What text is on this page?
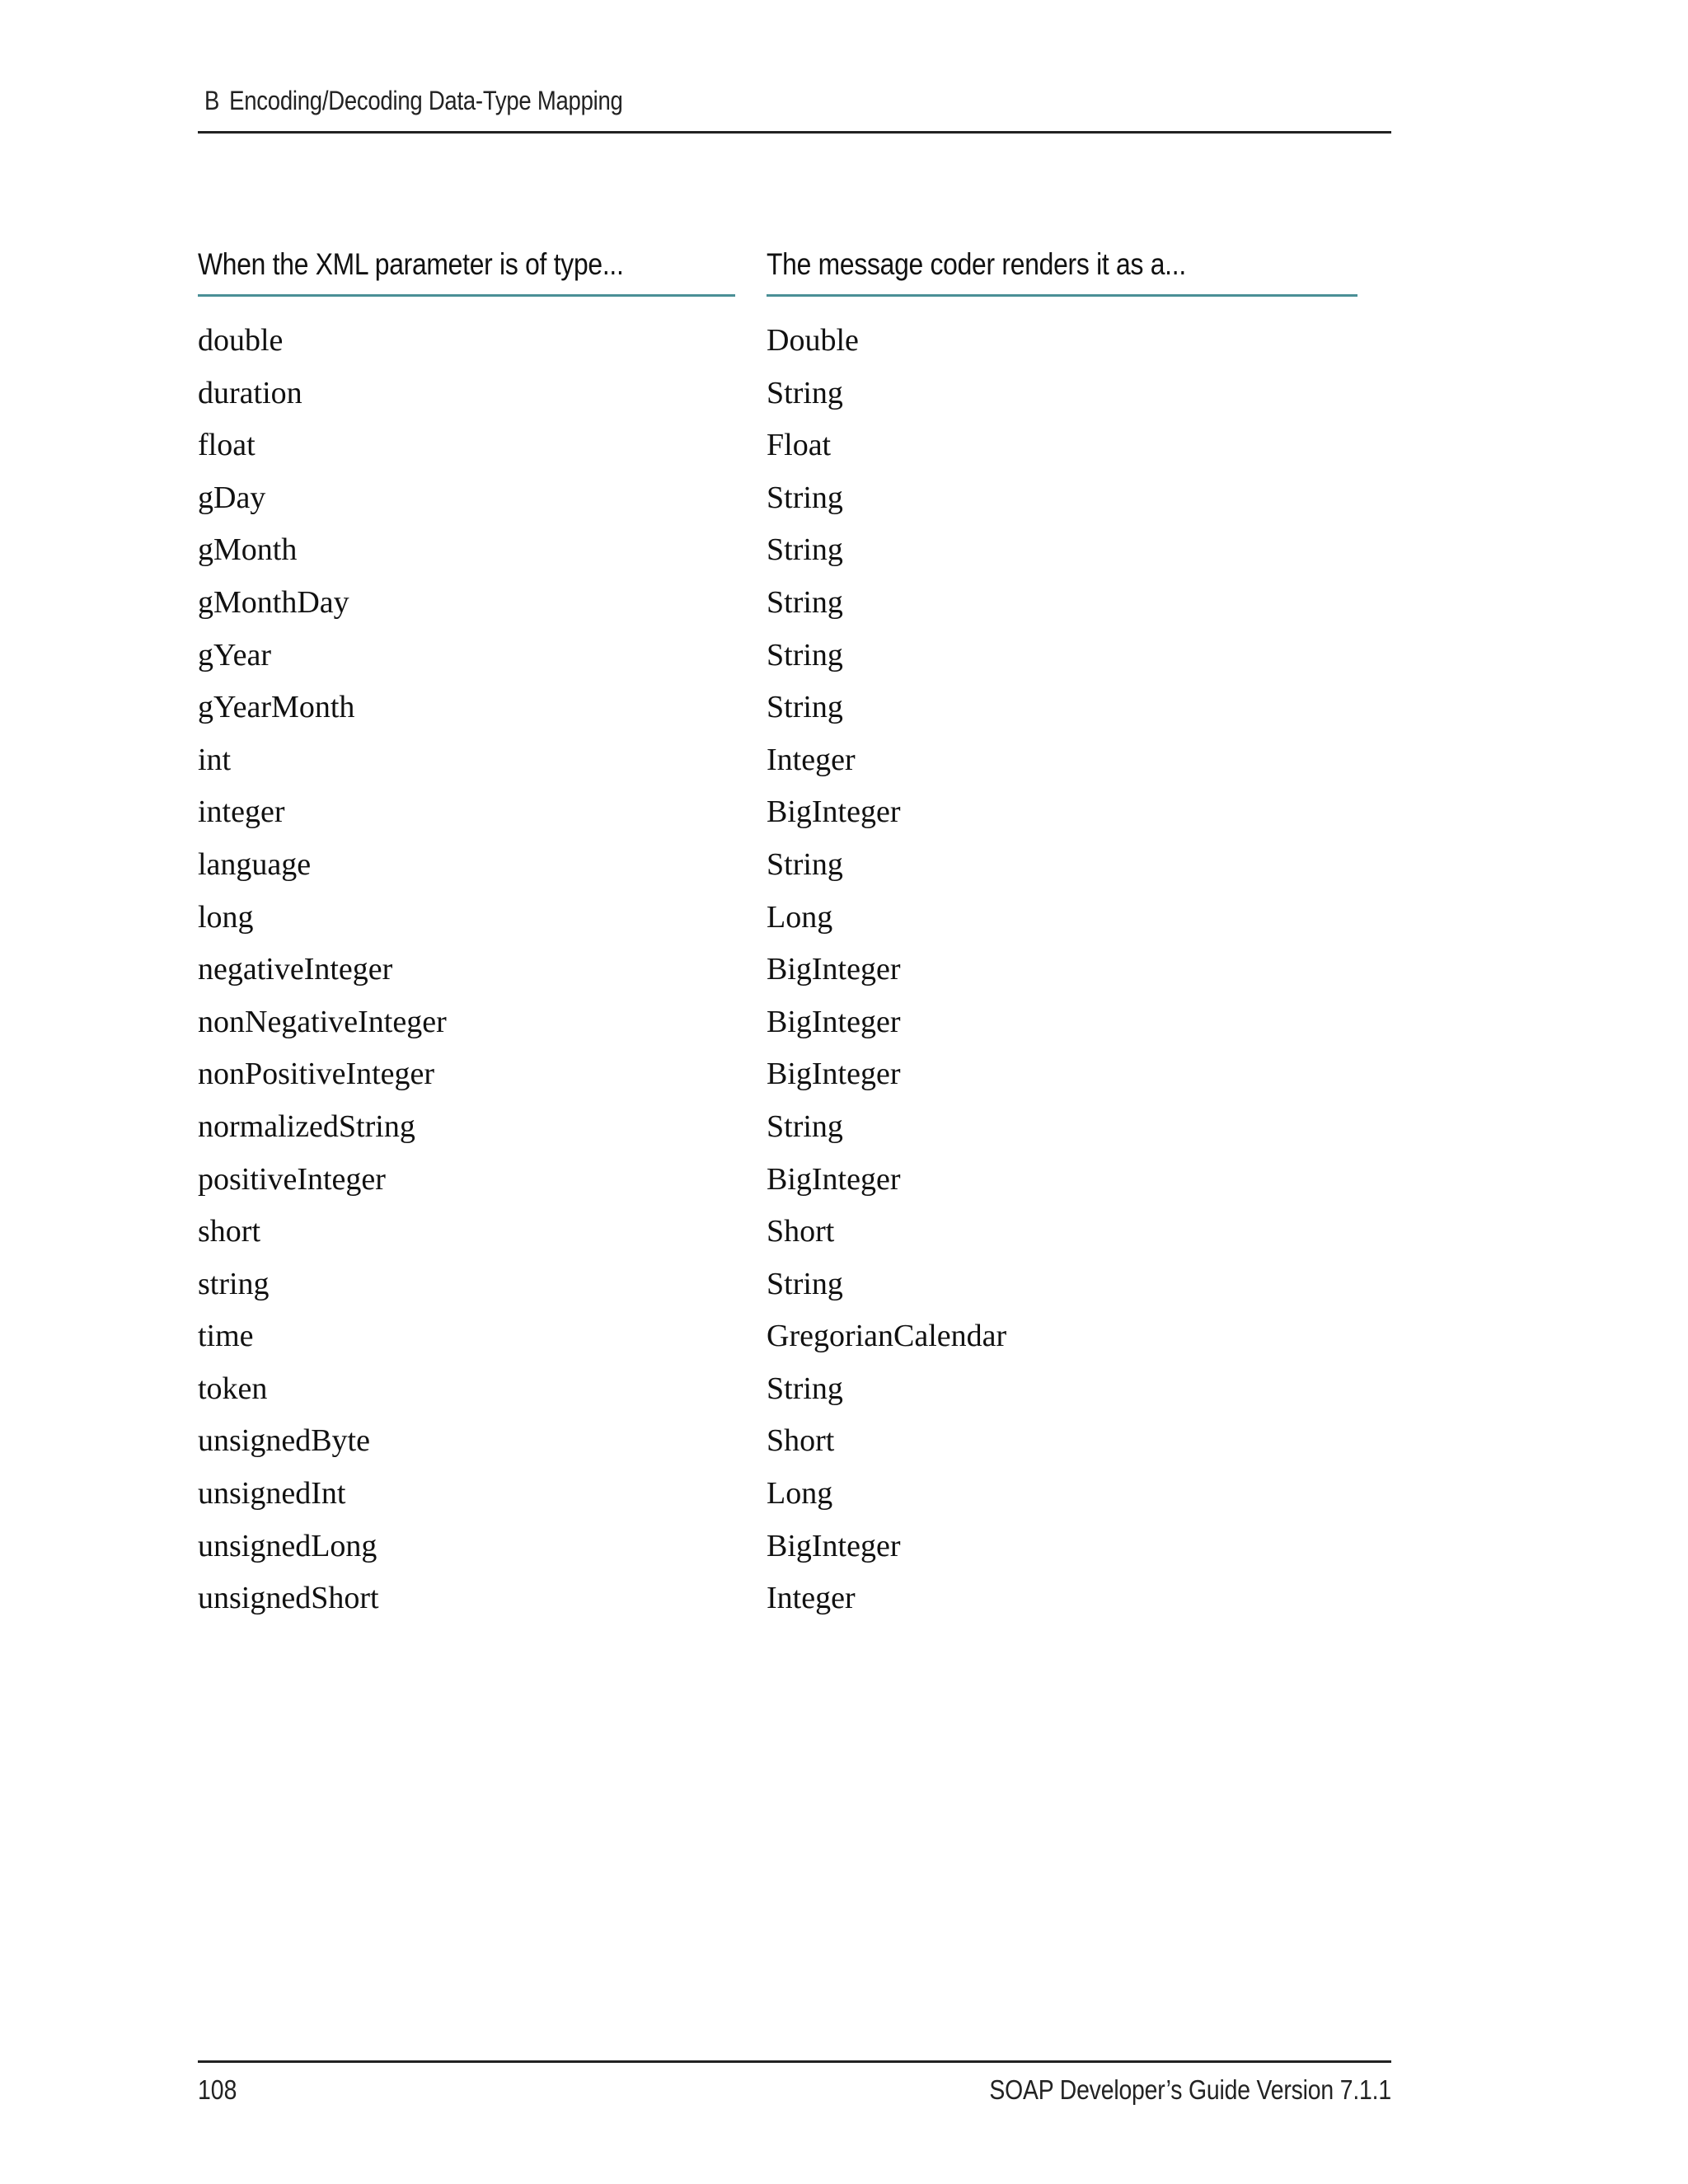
B Encoding/Decoding Data-Type Mapping
When the XML parameter is of type...	The message coder renders it as a...
double	Double
duration	String
float	Float
gDay	String
gMonth	String
gMonthDay	String
gYear	String
gYearMonth	String
int	Integer
integer	BigInteger
language	String
long	Long
negativeInteger	BigInteger
nonNegativeInteger	BigInteger
nonPositiveInteger	BigInteger
normalizedString	String
positiveInteger	BigInteger
short	Short
string	String
time	GregorianCalendar
token	String
unsignedByte	Short
unsignedInt	Long
unsignedLong	BigInteger
unsignedShort	Integer
108	SOAP Developer’s Guide Version 7.1.1
